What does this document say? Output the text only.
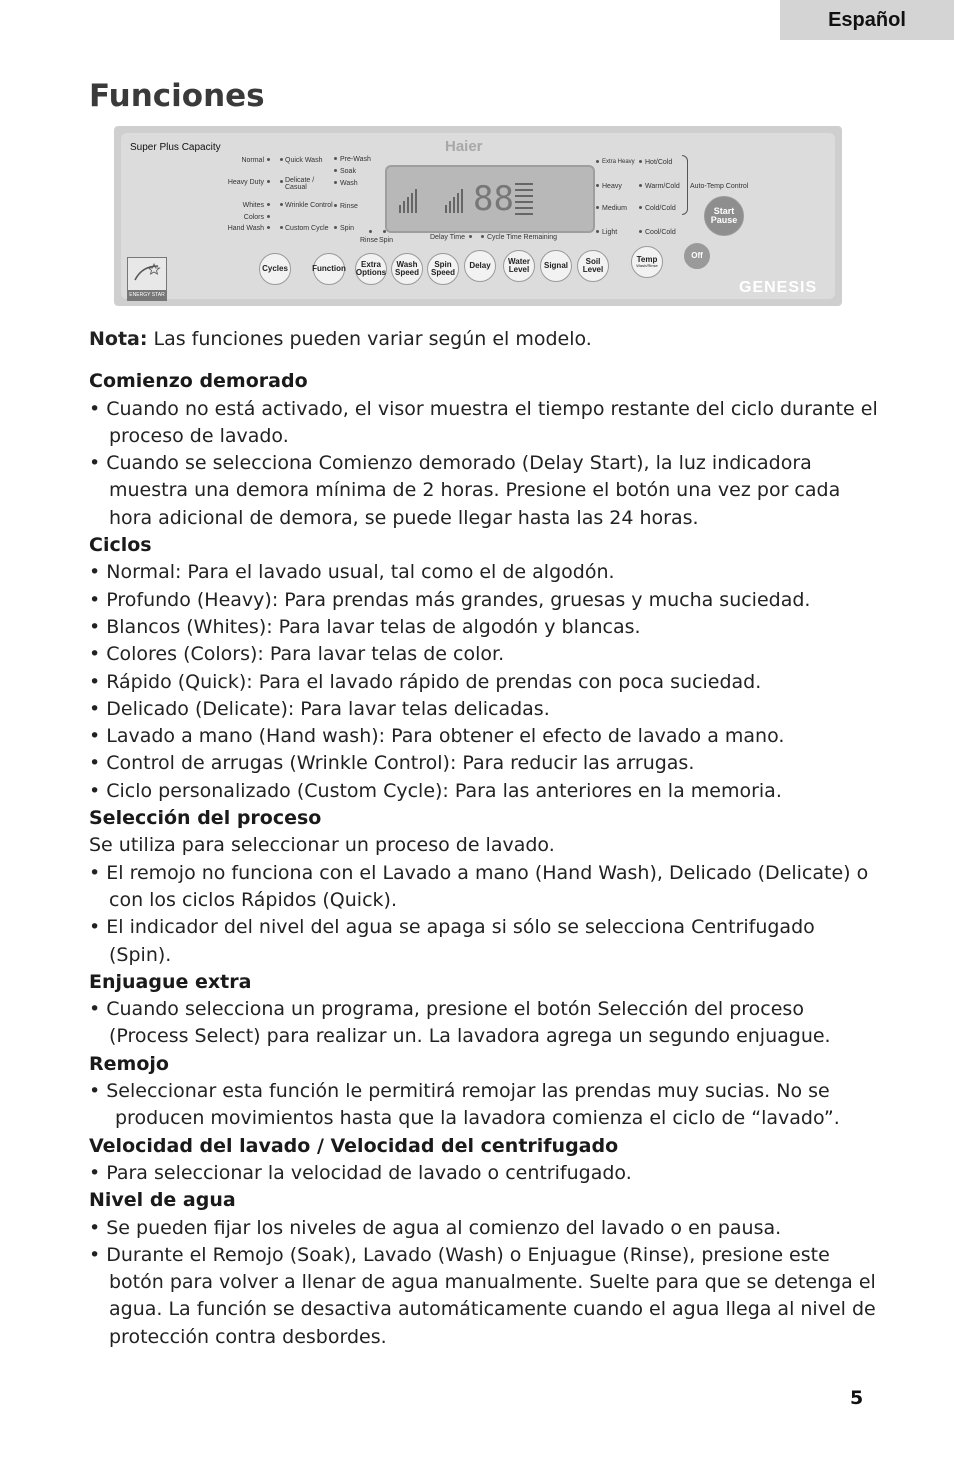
Español
Funciones
Super Plus Capacity	Haier
Normal
Heavy Duty
Whites
Colors
Hand Wash
Quick Wash
Delicate / Casual
Wrinkle Control
Custom Cycle
Pre-Wash
Soak
Wash
Rinse
Spin
Rinse Spin
88
Delay Time	Cycle Time Remaining
Extra Heavy
Heavy
Medium
Light
Hot/Cold
Warm/Cold
Cold/Cold
Cool/Cold
Auto-Temp Control
Cycles	Function	Extra Options
Wash Speed
Spin Speed
Delay	Water Level	Signal	Soil Level
Temp
Wash/Rinse
Off
Start Pause
ENERGY STAR	GENESIS

Nota: Las funciones pueden variar según el modelo.

Comienzo demorado

• Cuando no está activado, el visor muestra el tiempo restante del ciclo durante el proceso de lavado.

• Cuando se selecciona Comienzo demorado (Delay Start), la luz indicadora muestra una demora mínima de 2 horas. Presione el botón una vez por cada hora adicional de demora, se puede llegar hasta las 24 horas.

Ciclos

• Normal: Para el lavado usual, tal como el de algodón.

• Profundo (Heavy): Para prendas más grandes, gruesas y mucha suciedad.

• Blancos (Whites): Para lavar telas de algodón y blancas.

• Colores (Colors): Para lavar telas de color.

• Rápido (Quick): Para el lavado rápido de prendas con poca suciedad.

• Delicado (Delicate): Para lavar telas delicadas.

• Lavado a mano (Hand wash): Para obtener el efecto de lavado a mano.

• Control de arrugas (Wrinkle Control): Para reducir las arrugas.

• Ciclo personalizado (Custom Cycle): Para las anteriores en la memoria.

Selección del proceso

Se utiliza para seleccionar un proceso de lavado.

• El remojo no funciona con el Lavado a mano (Hand Wash), Delicado (Delicate) o con los ciclos Rápidos (Quick).

• El indicador del nivel del agua se apaga si sólo se selecciona Centrifugado (Spin).

Enjuague extra

• Cuando selecciona un programa, presione el botón Selección del proceso (Process Select) para realizar un. La lavadora agrega un segundo enjuague.

Remojo

• Seleccionar esta función le permitirá remojar las prendas muy sucias. No se producen movimientos hasta que la lavadora comienza el ciclo de “lavado”.

Velocidad del lavado / Velocidad del centrifugado

• Para seleccionar la velocidad de lavado o centrifugado.

Nivel de agua

• Se pueden fijar los niveles de agua al comienzo del lavado o en pausa.

• Durante el Remojo (Soak), Lavado (Wash) o Enjuague (Rinse), presione este botón para volver a llenar de agua manualmente. Suelte para que se detenga el agua. La función se desactiva automáticamente cuando el agua llega al nivel de protección contra desbordes.

5
